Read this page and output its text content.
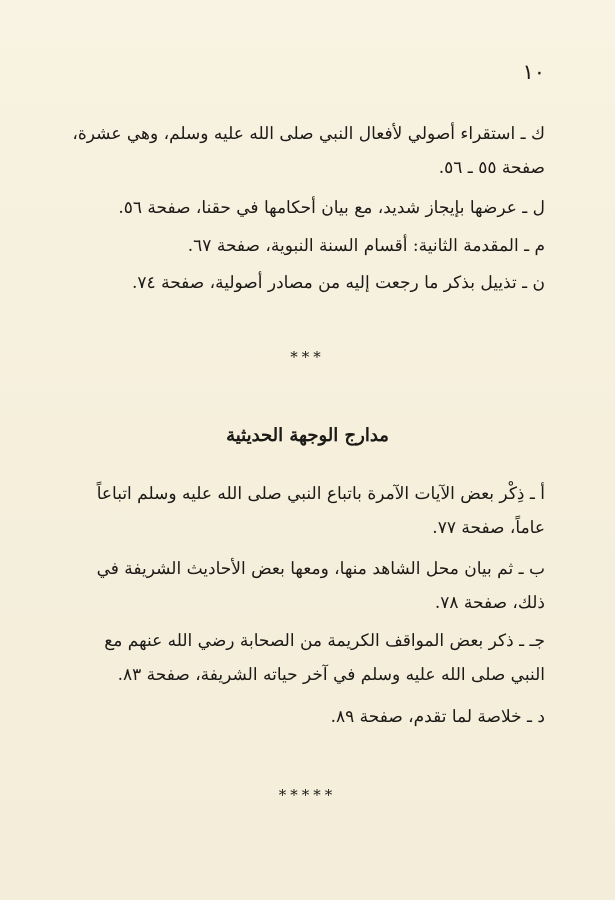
١٠

ك ـ استقراء أصولي لأفعال النبي صلى الله عليه وسلم، وهي عشرة،

صفحة ٥٥ ـ ٥٦.

ل ـ عرضها بإيجاز شديد، مع بيان أحكامها في حقنا، صفحة ٥٦.

م ـ المقدمة الثانية: أقسام السنة النبوية، صفحة ٦٧.

ن ـ تذييل بذكر ما رجعت إليه من مصادر أصولية، صفحة ٧٤.

***
مدارج الوجهة الحديثية

أ ـ ذِكْر بعض الآيات الآمرة باتباع النبي صلى الله عليه وسلم اتباعاً

عاماً، صفحة ٧٧.

ب ـ ثم بيان محل الشاهد منها، ومعها بعض الأحاديث الشريفة في

ذلك، صفحة ٧٨.

جـ ـ ذكر بعض المواقف الكريمة من الصحابة رضي الله عنهم مع

النبي صلى الله عليه وسلم في آخر حياته الشريفة، صفحة ٨٣.

د ـ خلاصة لما تقدم، صفحة ٨٩.

*****
